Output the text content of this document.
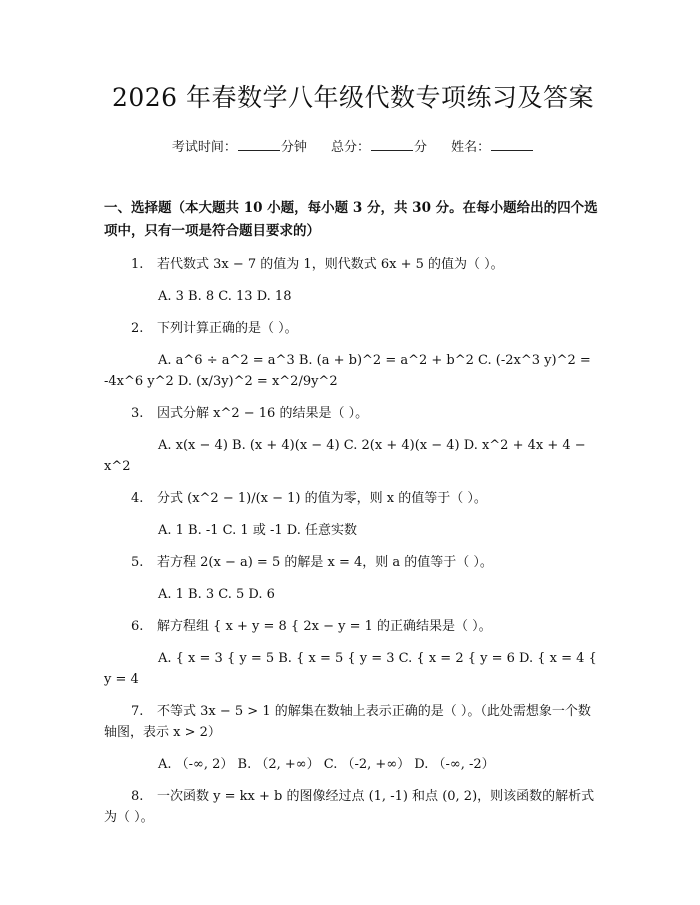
2026 年春数学八年级代数专项练习及答案
考试时间：	分钟 总分：	分 姓名：
一、选择题（本大题共 10 小题，每小题 3 分，共 30 分。在每小题给出的四个选项中，只有一项是符合题目要求的）
1. 若代数式 3x − 7 的值为 1，则代数式 6x + 5 的值为（ ）。
A. 3 B. 8 C. 13 D. 18
2. 下列计算正确的是（ ）。
A. a^6 ÷ a^2 = a^3 B. (a + b)^2 = a^2 + b^2 C. (-2x^3 y)^2 = -4x^6 y^2 D. (x/3y)^2 = x^2/9y^2
3. 因式分解 x^2 − 16 的结果是（ ）。
A. x(x − 4) B. (x + 4)(x − 4) C. 2(x + 4)(x − 4) D. x^2 + 4x + 4 − x^2
4. 分式 (x^2 − 1)/(x − 1) 的值为零，则 x 的值等于（ ）。
A. 1 B. -1 C. 1 或 -1 D. 任意实数
5. 若方程 2(x − a) = 5 的解是 x = 4，则 a 的值等于（ ）。
A. 1 B. 3 C. 5 D. 6
6. 解方程组 { x + y = 8 { 2x − y = 1 的正确结果是（ ）。
A. { x = 3 { y = 5 B. { x = 5 { y = 3 C. { x = 2 { y = 6 D. { x = 4 { y = 4
7. 不等式 3x − 5 > 1 的解集在数轴上表示正确的是（ ）。（此处需想象一个数轴图，表示 x > 2）
A. （-∞, 2） B. （2, +∞） C. （-2, +∞） D. （-∞, -2）
8. 一次函数 y = kx + b 的图像经过点 (1, -1) 和点 (0, 2)，则该函数的解析式为（ ）。
